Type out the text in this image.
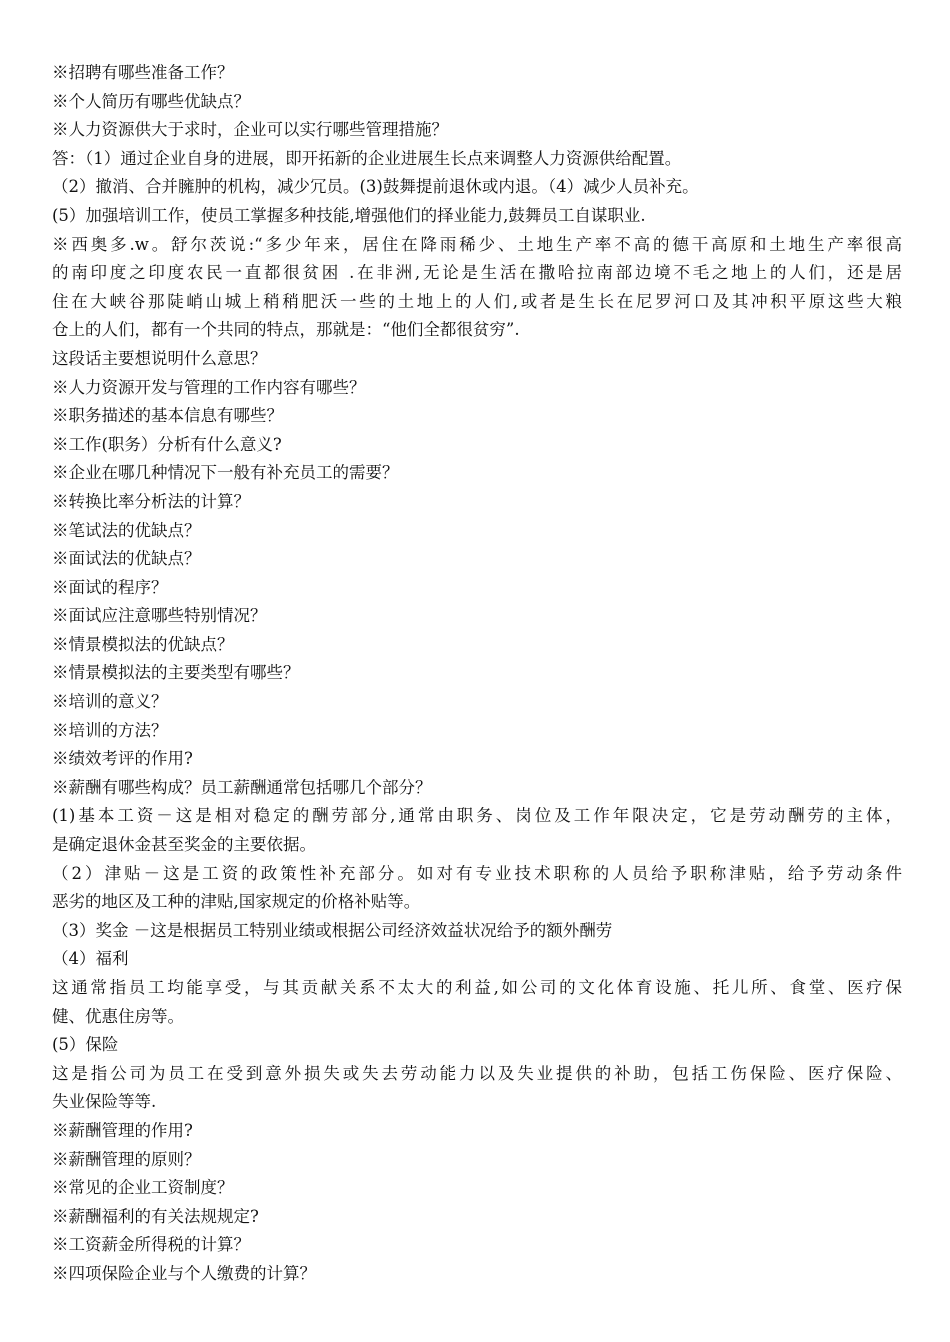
※招聘有哪些准备工作？
※个人简历有哪些优缺点？
※人力资源供大于求时，企业可以实行哪些管理措施？
答：（1）通过企业自身的进展，即开拓新的企业进展生长点来调整人力资源供给配置。
（2）撤消、合并臃肿的机构，减少冗员。(3)鼓舞提前退休或内退。（4）减少人员补充。
(5）加强培训工作，使员工掌握多种技能,增强他们的择业能力,鼓舞员工自谋职业.
※西奥多.w。舒尔茨说:“多少年来，居住在降雨稀少、土地生产率不高的德干高原和土地生产率很高
的南印度之印度农民一直都很贫困 .在非洲,无论是生活在撒哈拉南部边境不毛之地上的人们，还是居
住在大峡谷那陡峭山城上稍稍肥沃一些的土地上的人们,或者是生长在尼罗河口及其冲积平原这些大粮
仓上的人们，都有一个共同的特点，那就是：“他们全都很贫穷”.
这段话主要想说明什么意思？
※人力资源开发与管理的工作内容有哪些？
※职务描述的基本信息有哪些？
※工作(职务）分析有什么意义?
※企业在哪几种情况下一般有补充员工的需要？
※转换比率分析法的计算？
※笔试法的优缺点？
※面试法的优缺点？
※面试的程序？
※面试应注意哪些特别情况？
※情景模拟法的优缺点？
※情景模拟法的主要类型有哪些？
※培训的意义？
※培训的方法？
※绩效考评的作用?
※薪酬有哪些构成？员工薪酬通常包括哪几个部分？
(1)基本工资－这是相对稳定的酬劳部分,通常由职务、岗位及工作年限决定，它是劳动酬劳的主体，
是确定退休金甚至奖金的主要依据。
（2）津贴－这是工资的政策性补充部分。如对有专业技术职称的人员给予职称津贴，给予劳动条件
恶劣的地区及工种的津贴,国家规定的价格补贴等。
（3）奖金 －这是根据员工特别业绩或根据公司经济效益状况给予的额外酬劳
（4）福利
这通常指员工均能享受，与其贡献关系不太大的利益,如公司的文化体育设施、托儿所、食堂、医疗保
健、优惠住房等。
(5）保险
这是指公司为员工在受到意外损失或失去劳动能力以及失业提供的补助，包括工伤保险、医疗保险、
失业保险等等.
※薪酬管理的作用?
※薪酬管理的原则？
※常见的企业工资制度？
※薪酬福利的有关法规规定?
※工资薪金所得税的计算？
※四项保险企业与个人缴费的计算？
